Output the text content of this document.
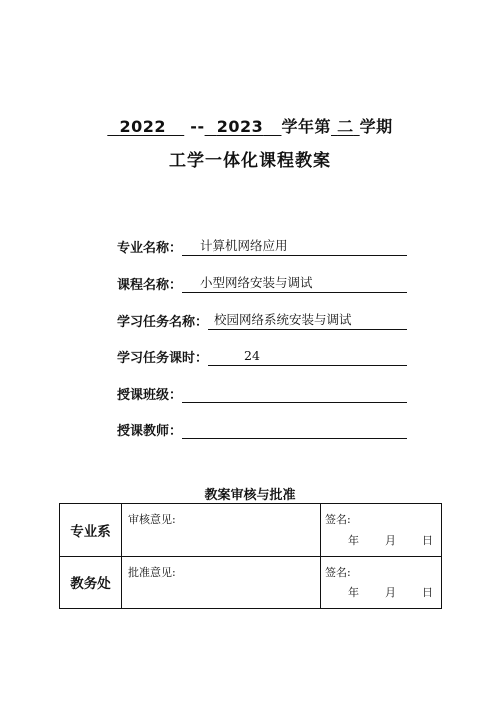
2022 -- 2023 学年第 二 学期
工学一体化课程教案
专业名称：	计算机网络应用
课程名称：	小型网络安装与调试
学习任务名称： 校园网络系统安装与调试
学习任务课时：	24
授课班级：
授课教师：
教案审核与批准
专业系	审核意见:	签名:
年 月 日

教务处	批准意见:	签名:
年 月 日
